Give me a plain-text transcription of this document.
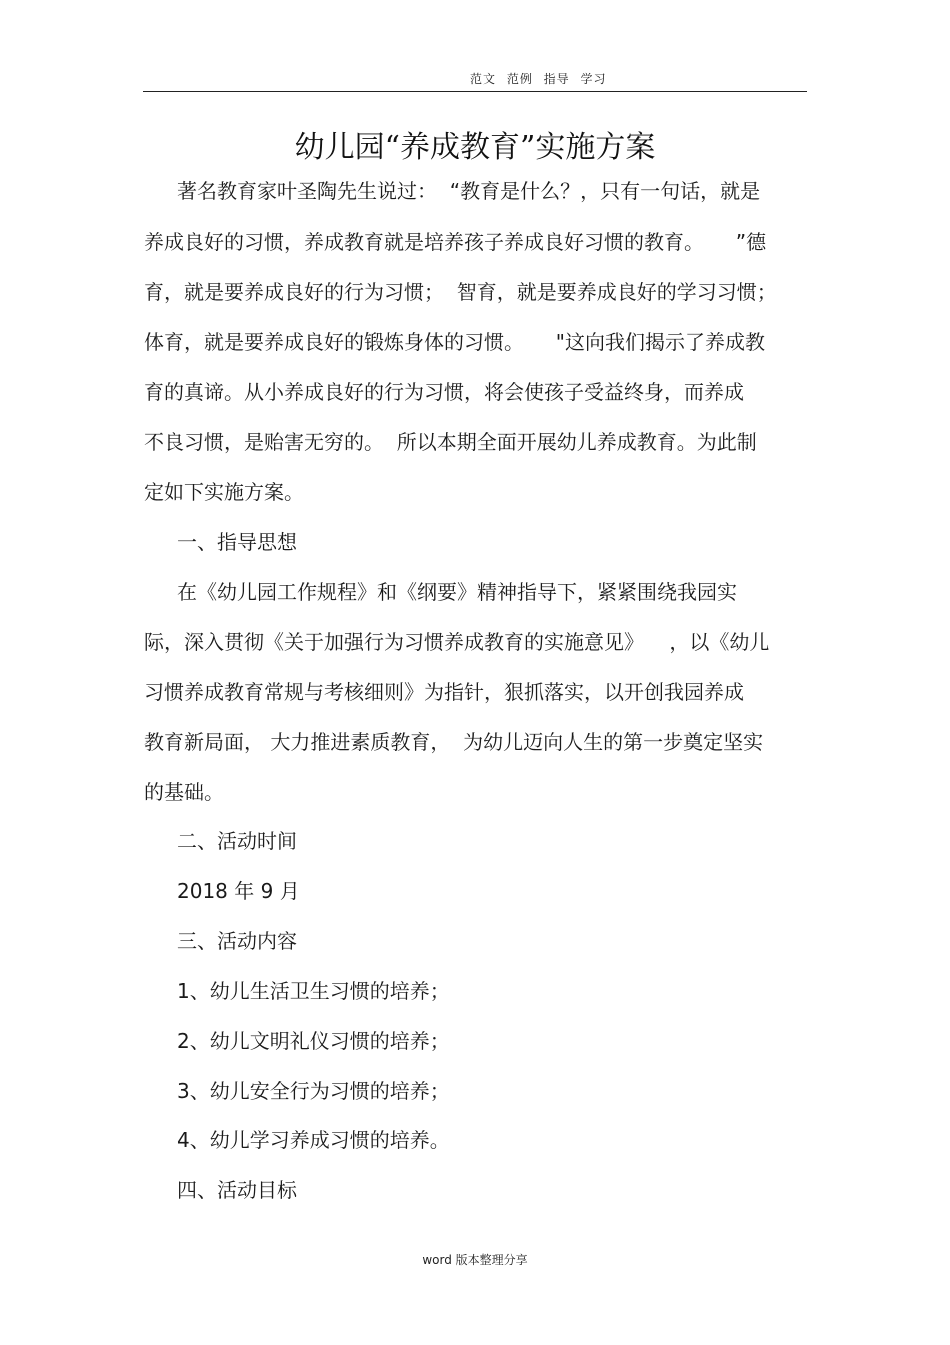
范文 范例 指导 学习
幼儿园“养成教育”实施方案
著名教育家叶圣陶先生说过：  “教育是什么？，只有一句话，就是
养成良好的习惯，养成教育就是培养孩子养成良好习惯的教育。     ”德
育，就是要养成良好的行为习惯；  智育，就是要养成良好的学习习惯；
体育，就是要养成良好的锻炼身体的习惯。     "这向我们揭示了养成教
育的真谛。从小养成良好的行为习惯，将会使孩子受益终身，而养成
不良习惯，是贻害无穷的。  所以本期全面开展幼儿养成教育。为此制
定如下实施方案。
一、指导思想
在《幼儿园工作规程》和《纲要》精神指导下，紧紧围绕我园实
际，深入贯彻《关于加强行为习惯养成教育的实施意见》    ，以《幼儿
习惯养成教育常规与考核细则》为指针，狠抓落实，以开创我园养成
教育新局面， 大力推进素质教育，  为幼儿迈向人生的第一步奠定坚实
的基础。
二、活动时间
2018 年 9 月
三、活动内容
1、幼儿生活卫生习惯的培养；
2、幼儿文明礼仪习惯的培养；
3、幼儿安全行为习惯的培养；
4、幼儿学习养成习惯的培养。
四、活动目标
word 版本整理分享
